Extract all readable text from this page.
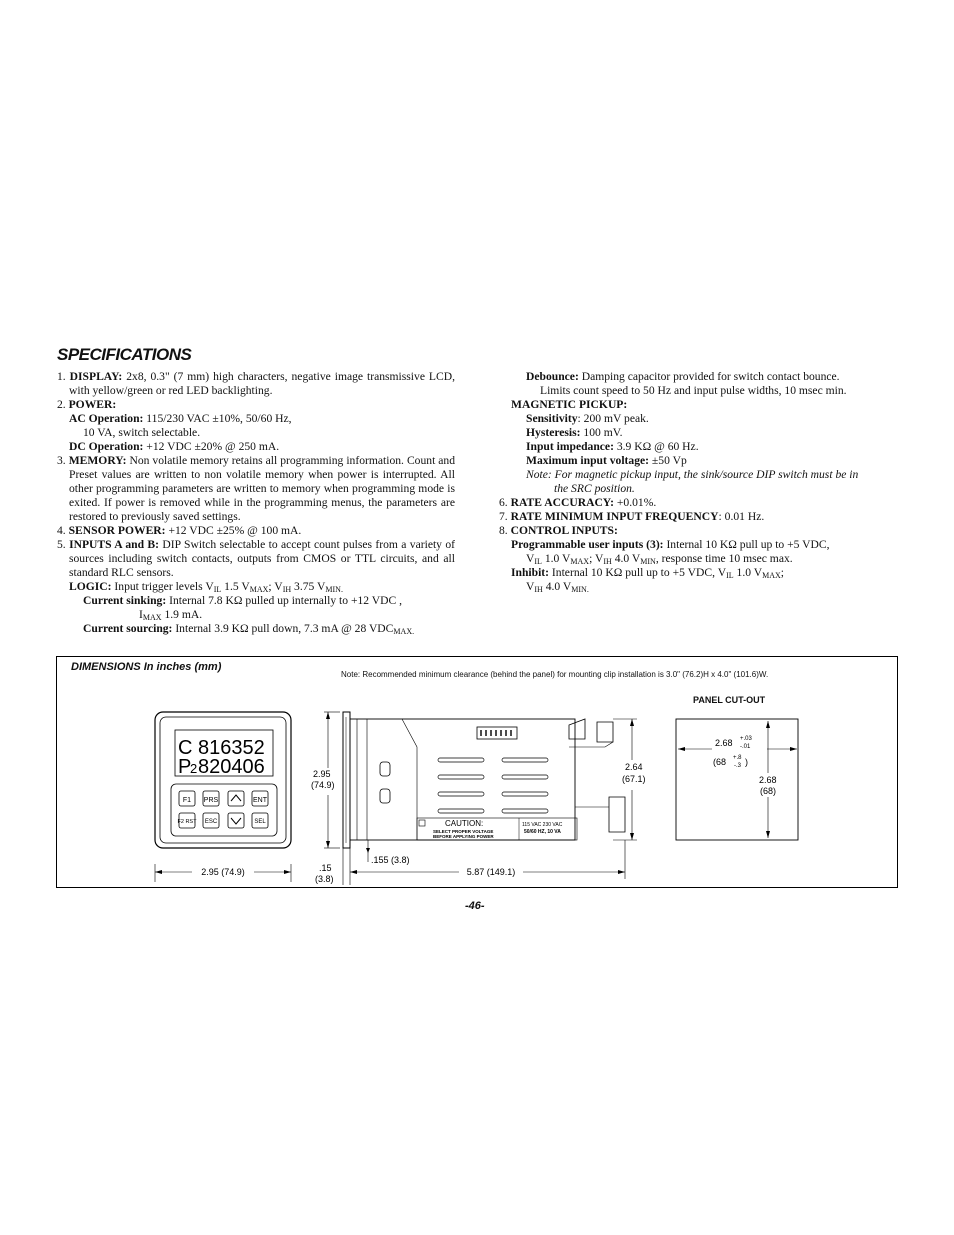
SPECIFICATIONS

1. DISPLAY: 2x8, 0.3" (7 mm) high characters, negative image transmissive LCD, with yellow/green or red LED backlighting.

2. POWER:

AC Operation: 115/230 VAC ±10%, 50/60 Hz,

10 VA, switch selectable.

DC Operation: +12 VDC ±20% @ 250 mA.

3. MEMORY: Non volatile memory retains all programming information. Count and Preset values are written to non volatile memory when power is interrupted. All other programming parameters are written to memory when programming mode is exited. If power is removed while in the programming menus, the parameters are restored to previously saved settings.

4. SENSOR POWER: +12 VDC ±25% @ 100 mA.

5. INPUTS A and B: DIP Switch selectable to accept count pulses from a variety of sources including switch contacts, outputs from CMOS or TTL circuits, and all standard RLC sensors.

LOGIC: Input trigger levels $V_{IL}$ 1.5 $V_{MAX}$; $V_{IH}$ 3.75 $V_{MIN.}$

Current sinking: Internal 7.8 KΩ pulled up internally to +12 VDC ,

$I_{MAX}$ 1.9 mA.

Current sourcing: Internal 3.9 KΩ pull down, 7.3 mA @ 28 $VDC_{MAX.}$

Debounce: Damping capacitor provided for switch contact bounce.

Limits count speed to 50 Hz and input pulse widths, 10 msec min.

MAGNETIC PICKUP:

Sensitivity: 200 mV peak.

Hysteresis: 100 mV.

Input impedance: 3.9 KΩ @ 60 Hz.

Maximum input voltage: ±50 Vp

Note: For magnetic pickup input, the sink/source DIP switch must be in

the SRC position.

6. RATE ACCURACY: +0.01%.

7. RATE MINIMUM INPUT FREQUENCY: 0.01 Hz.

8. CONTROL INPUTS:

Programmable user inputs (3): Internal 10 KΩ pull up to +5 VDC,

$V_{IL}$ 1.0 $V_{MAX}$; $V_{IH}$ 4.0 $V_{MIN}$, response time 10 msec max.

Inhibit: Internal 10 KΩ pull up to +5 VDC, $V_{IL}$ 1.0 $V_{MAX}$;

$V_{IH}$ 4.0 $V_{MIN.}$

DIMENSIONS In inches (mm)
Note: Recommended minimum clearance (behind the panel) for mounting clip installation is 3.0" (76.2)H x 4.0" (101.6)W.
PANEL CUT-OUT
C 816352
P
2 820406
F1 PRS	ENT
F2 RST ESC	SEL
2.95 (74.9)
2.95
(74.9)
CAUTION:
SELECT PROPER VOLTAGE
BEFORE APPLYING POWER
115 VAC 230 VAC
50/60 HZ, 10 VA
2.64
(67.1)
.155 (3.8)
.15
(3.8)
5.87 (149.1)
2.68 +.03
-.01
(68 +.8
-.3 )
2.68
(68)
-46-
